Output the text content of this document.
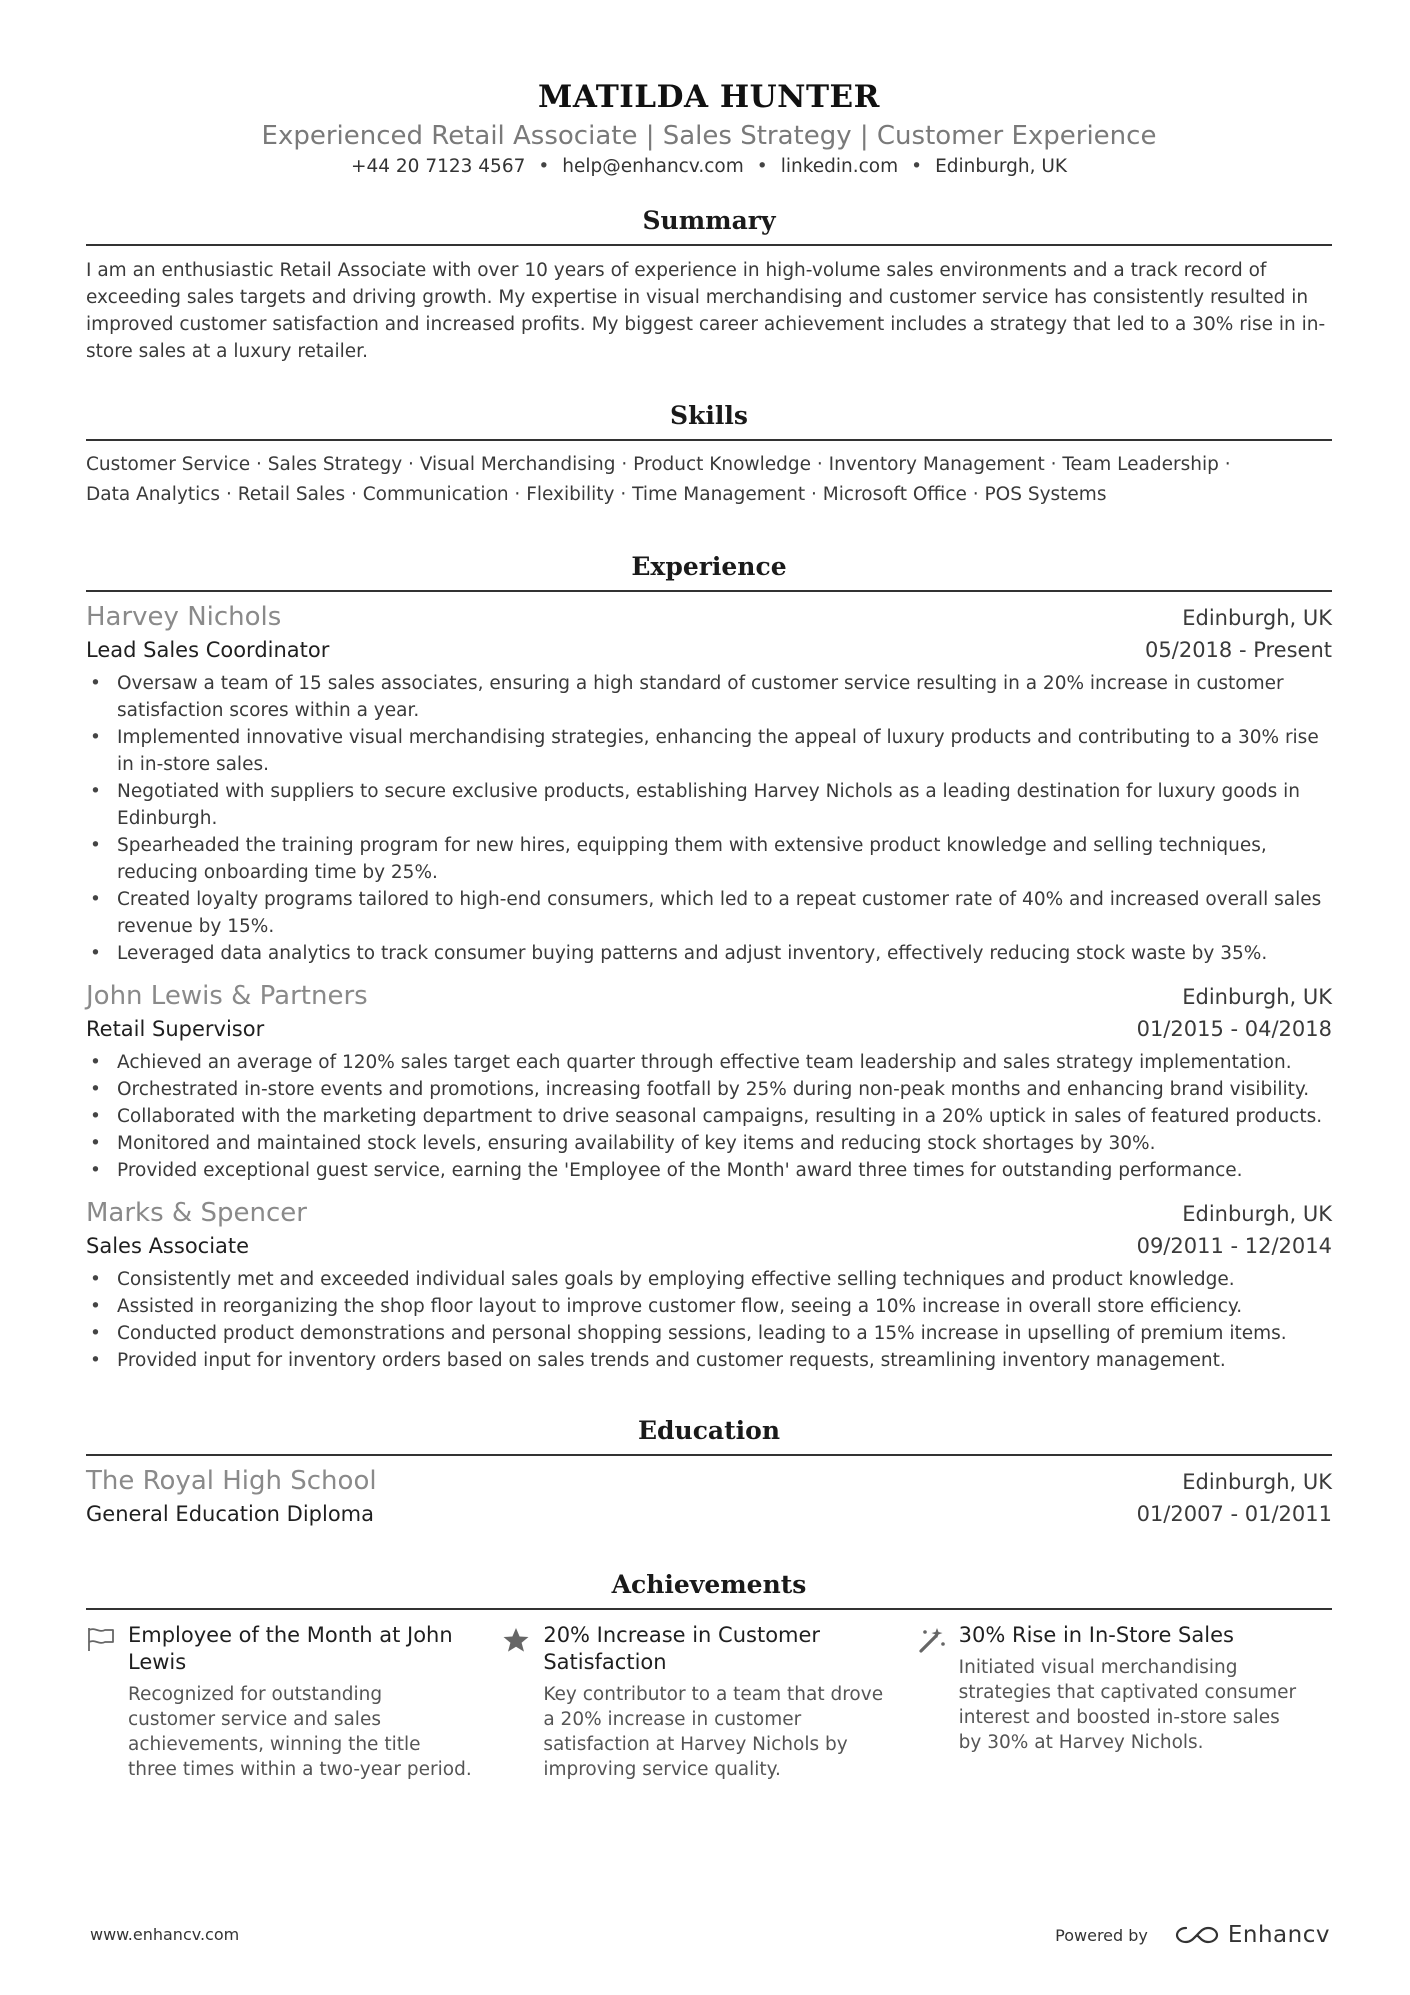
MATILDA HUNTER
Experienced Retail Associate | Sales Strategy | Customer Experience
+44 20 7123 4567 • help@enhancv.com • linkedin.com • Edinburgh, UK
Summary
I am an enthusiastic Retail Associate with over 10 years of experience in high-volume sales environments and a track record of exceeding sales targets and driving growth. My expertise in visual merchandising and customer service has consistently resulted in improved customer satisfaction and increased profits. My biggest career achievement includes a strategy that led to a 30% rise in in-store sales at a luxury retailer.
Skills
Customer Service · Sales Strategy · Visual Merchandising · Product Knowledge · Inventory Management · Team Leadership ·
Data Analytics · Retail Sales · Communication · Flexibility · Time Management · Microsoft Office · POS Systems
Experience
Harvey Nichols	Edinburgh, UK
Lead Sales Coordinator	05/2018 - Present
• Oversaw a team of 15 sales associates, ensuring a high standard of customer service resulting in a 20% increase in customer satisfaction scores within a year.
• Implemented innovative visual merchandising strategies, enhancing the appeal of luxury products and contributing to a 30% rise in in-store sales.
• Negotiated with suppliers to secure exclusive products, establishing Harvey Nichols as a leading destination for luxury goods in Edinburgh.
• Spearheaded the training program for new hires, equipping them with extensive product knowledge and selling techniques, reducing onboarding time by 25%.
• Created loyalty programs tailored to high-end consumers, which led to a repeat customer rate of 40% and increased overall sales revenue by 15%.
• Leveraged data analytics to track consumer buying patterns and adjust inventory, effectively reducing stock waste by 35%.
John Lewis & Partners	Edinburgh, UK
Retail Supervisor	01/2015 - 04/2018
• Achieved an average of 120% sales target each quarter through effective team leadership and sales strategy implementation.
• Orchestrated in-store events and promotions, increasing footfall by 25% during non-peak months and enhancing brand visibility.
• Collaborated with the marketing department to drive seasonal campaigns, resulting in a 20% uptick in sales of featured products.
• Monitored and maintained stock levels, ensuring availability of key items and reducing stock shortages by 30%.
• Provided exceptional guest service, earning the 'Employee of the Month' award three times for outstanding performance.
Marks & Spencer	Edinburgh, UK
Sales Associate	09/2011 - 12/2014
• Consistently met and exceeded individual sales goals by employing effective selling techniques and product knowledge.
• Assisted in reorganizing the shop floor layout to improve customer flow, seeing a 10% increase in overall store efficiency.
• Conducted product demonstrations and personal shopping sessions, leading to a 15% increase in upselling of premium items.
• Provided input for inventory orders based on sales trends and customer requests, streamlining inventory management.
Education
The Royal High School	Edinburgh, UK
General Education Diploma	01/2007 - 01/2011
Achievements
Employee of the Month at John Lewis
Recognized for outstanding customer service and sales achievements, winning the title three times within a two-year period.
20% Increase in Customer Satisfaction
Key contributor to a team that drove a 20% increase in customer satisfaction at Harvey Nichols by improving service quality.
30% Rise in In-Store Sales
Initiated visual merchandising strategies that captivated consumer interest and boosted in-store sales by 30% at Harvey Nichols.
www.enhancv.com	Powered by	Enhancv
